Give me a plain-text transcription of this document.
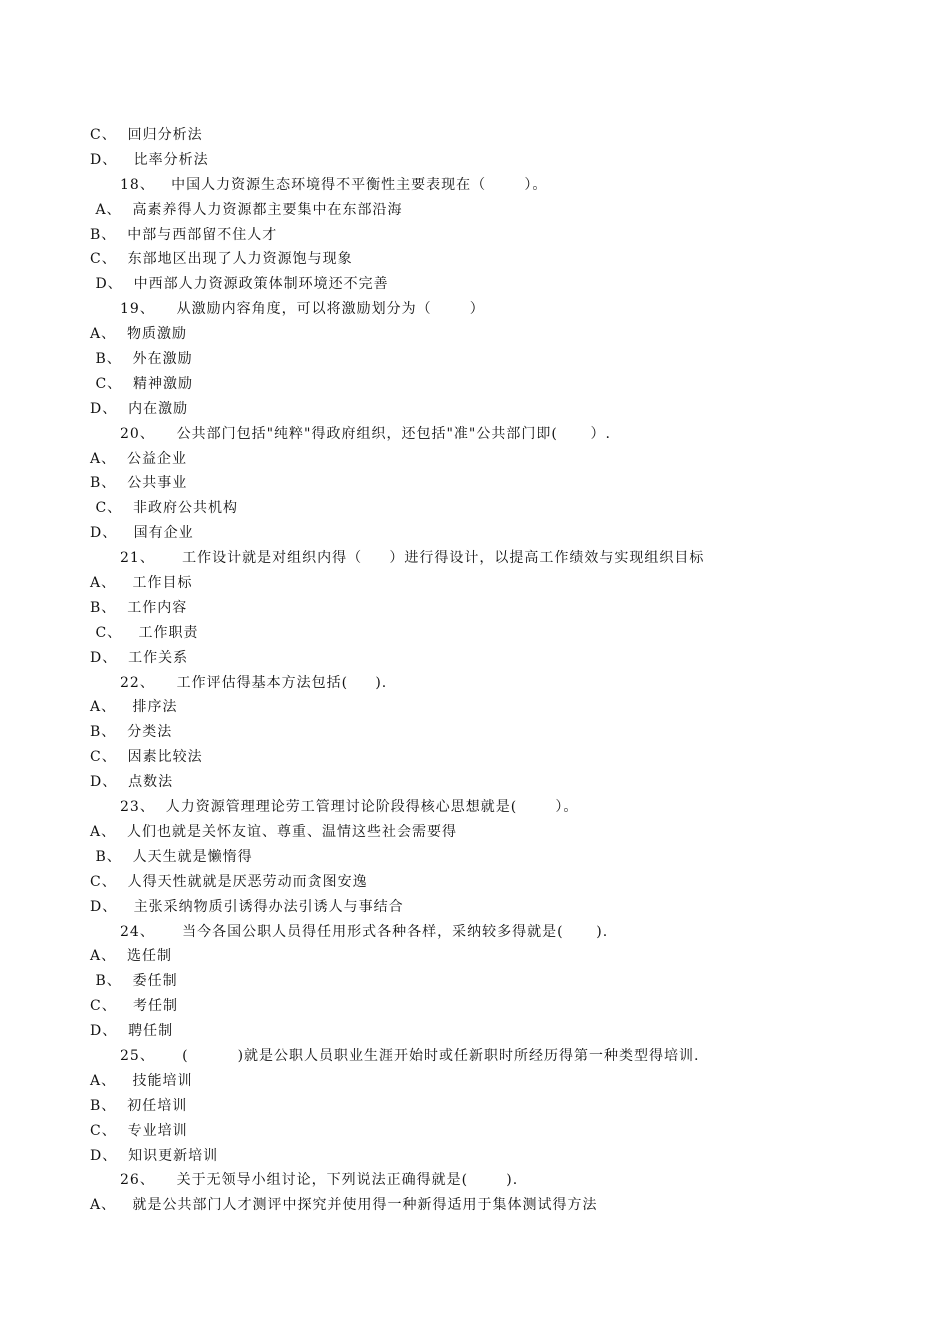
C、  回归分析法
D、   比率分析法
18、   中国人力资源生态环境得不平衡性主要表现在（       ）。
A、  高素养得人力资源都主要集中在东部沿海
B、  中部与西部留不住人才
C、  东部地区出现了人力资源饱与现象
D、  中西部人力资源政策体制环境还不完善
19、    从激励内容角度，可以将激励划分为（       ）
A、  物质激励
B、  外在激励
C、  精神激励
D、  内在激励
20、    公共部门包括"纯粹"得政府组织，还包括"准"公共部门即(      ）.
A、  公益企业
B、  公共事业
C、  非政府公共机构
D、   国有企业
21、     工作设计就是对组织内得（     ）进行得设计，以提高工作绩效与实现组织目标
A、   工作目标
B、  工作内容
C、   工作职责
D、  工作关系
22、    工作评估得基本方法包括(     ).
A、   排序法
B、  分类法
C、  因素比较法
D、  点数法
23、  人力资源管理理论劳工管理讨论阶段得核心思想就是(       ）。
A、  人们也就是关怀友谊、尊重、温情这些社会需要得
B、  人天生就是懒惰得
C、  人得天性就就是厌恶劳动而贪图安逸
D、   主张采纳物质引诱得办法引诱人与事结合
24、     当今各国公职人员得任用形式各种各样，采纳较多得就是(      ).
A、  选任制
B、  委任制
C、   考任制
D、  聘任制
25、     (         )就是公职人员职业生涯开始时或任新职时所经历得第一种类型得培训.
A、   技能培训
B、  初任培训
C、  专业培训
D、  知识更新培训
26、    关于无领导小组讨论，下列说法正确得就是(       ).
A、   就是公共部门人才测评中探究并使用得一种新得适用于集体测试得方法
